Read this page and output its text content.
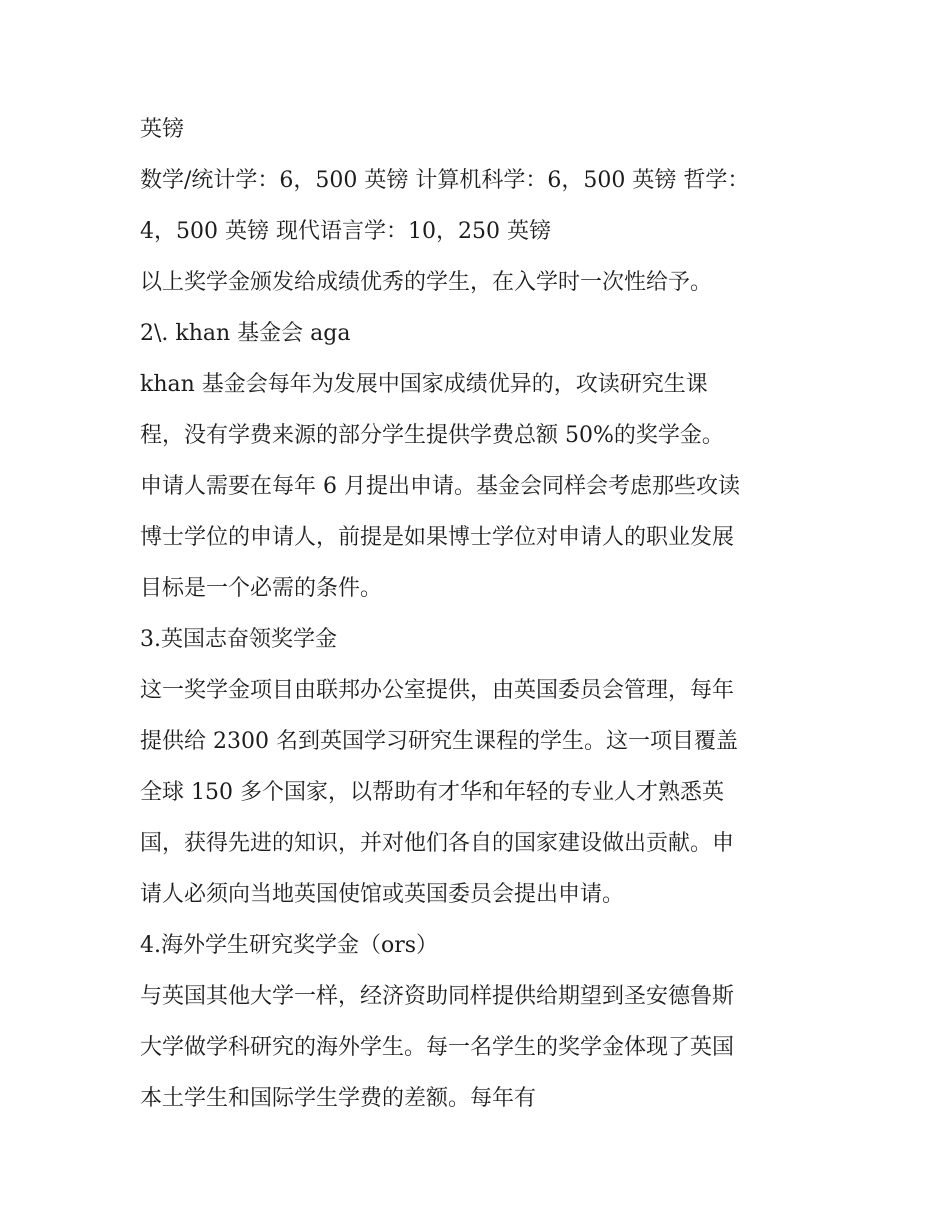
英镑

数学/统计学：6，500 英镑 计算机科学：6，500 英镑 哲学：

4，500 英镑 现代语言学：10，250 英镑

以上奖学金颁发给成绩优秀的学生，在入学时一次性给予。

2\. khan 基金会 aga

khan 基金会每年为发展中国家成绩优异的，攻读研究生课

程，没有学费来源的部分学生提供学费总额 50%的奖学金。

申请人需要在每年 6 月提出申请。基金会同样会考虑那些攻读

博士学位的申请人，前提是如果博士学位对申请人的职业发展

目标是一个必需的条件。

3.英国志奋领奖学金

这一奖学金项目由联邦办公室提供，由英国委员会管理，每年

提供给 2300 名到英国学习研究生课程的学生。这一项目覆盖

全球 150 多个国家，以帮助有才华和年轻的专业人才熟悉英

国，获得先进的知识，并对他们各自的国家建设做出贡献。申

请人必须向当地英国使馆或英国委员会提出申请。

4.海外学生研究奖学金（ors）

与英国其他大学一样，经济资助同样提供给期望到圣安德鲁斯

大学做学科研究的海外学生。每一名学生的奖学金体现了英国

本土学生和国际学生学费的差额。每年有
